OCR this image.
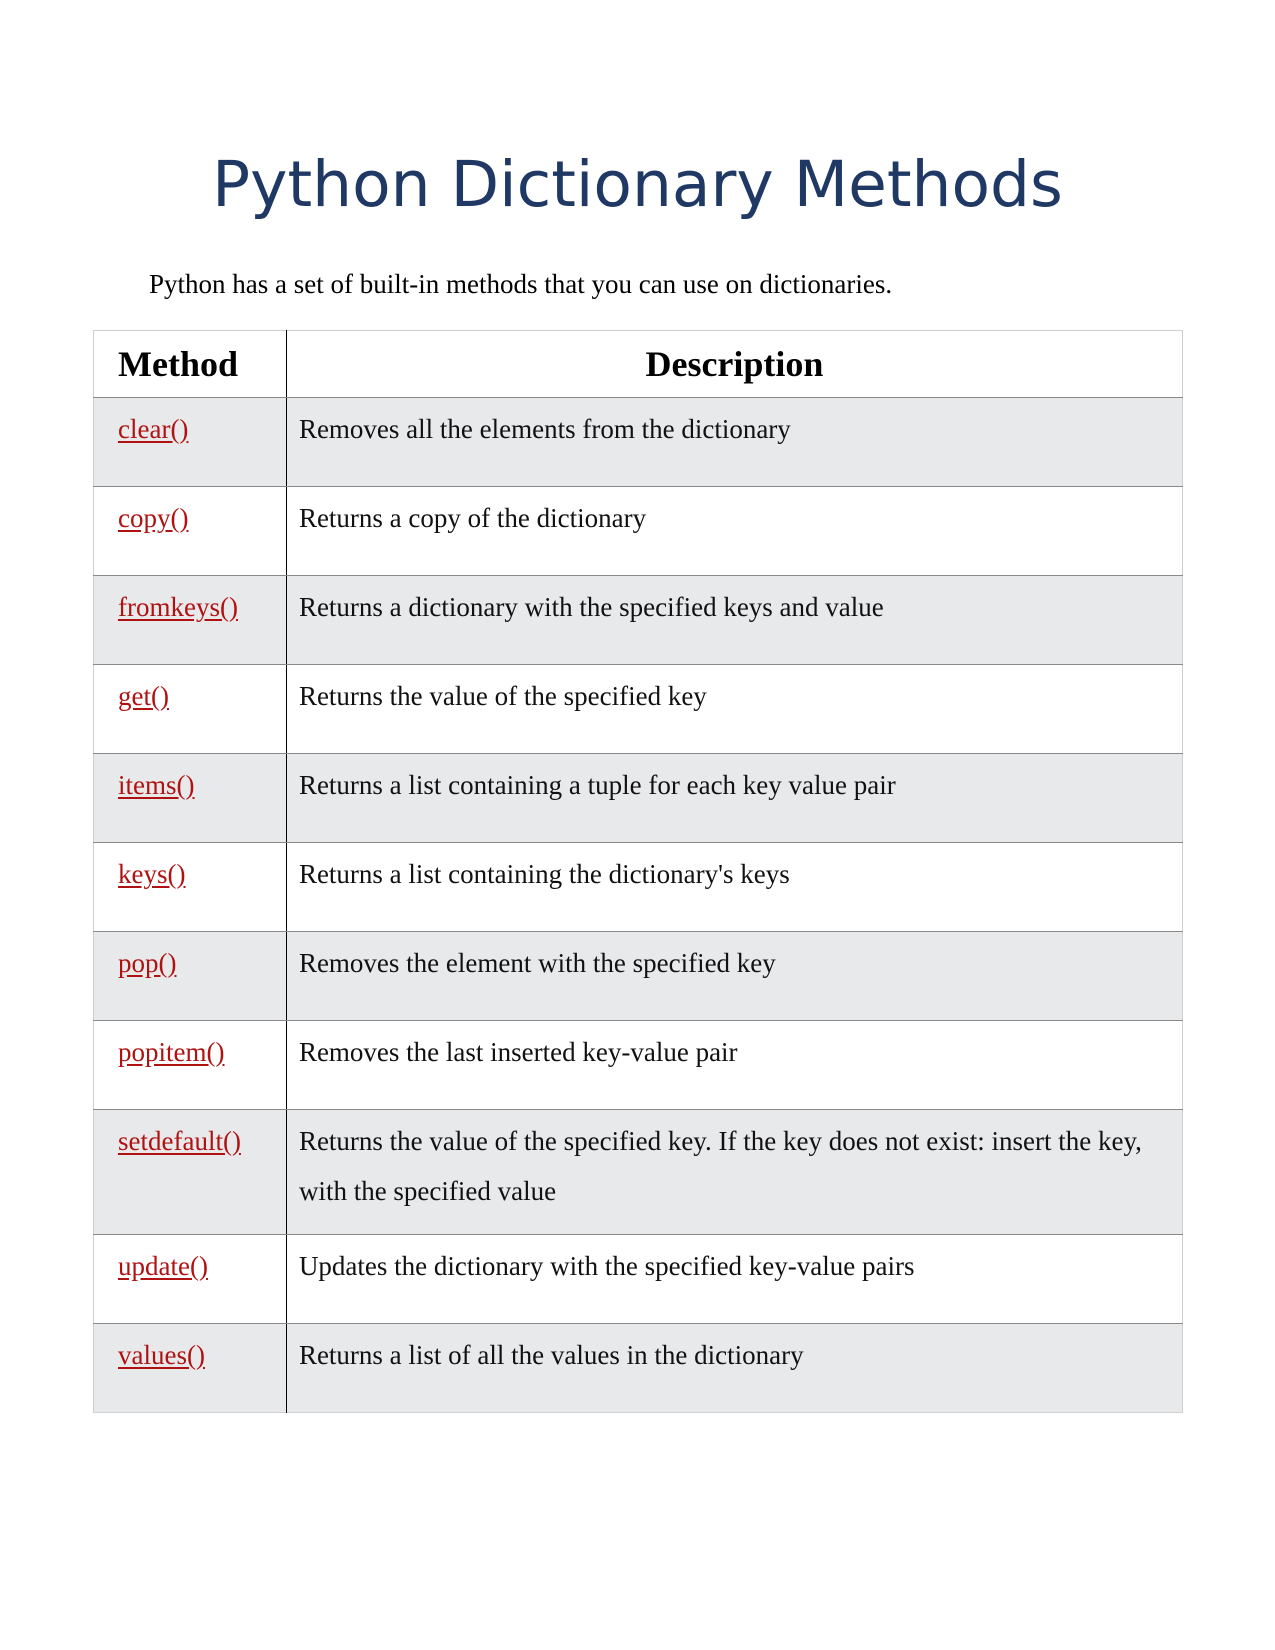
Python Dictionary Methods

Python has a set of built-in methods that you can use on dictionaries.

Method	Description
clear()	Removes all the elements from the dictionary
copy()	Returns a copy of the dictionary
fromkeys()	Returns a dictionary with the specified keys and value
get()	Returns the value of the specified key
items()	Returns a list containing a tuple for each key value pair
keys()	Returns a list containing the dictionary's keys
pop()	Removes the element with the specified key
popitem()	Removes the last inserted key-value pair
setdefault()	Returns the value of the specified key. If the key does not exist: insert the key, with the specified value
update()	Updates the dictionary with the specified key-value pairs
values()	Returns a list of all the values in the dictionary
